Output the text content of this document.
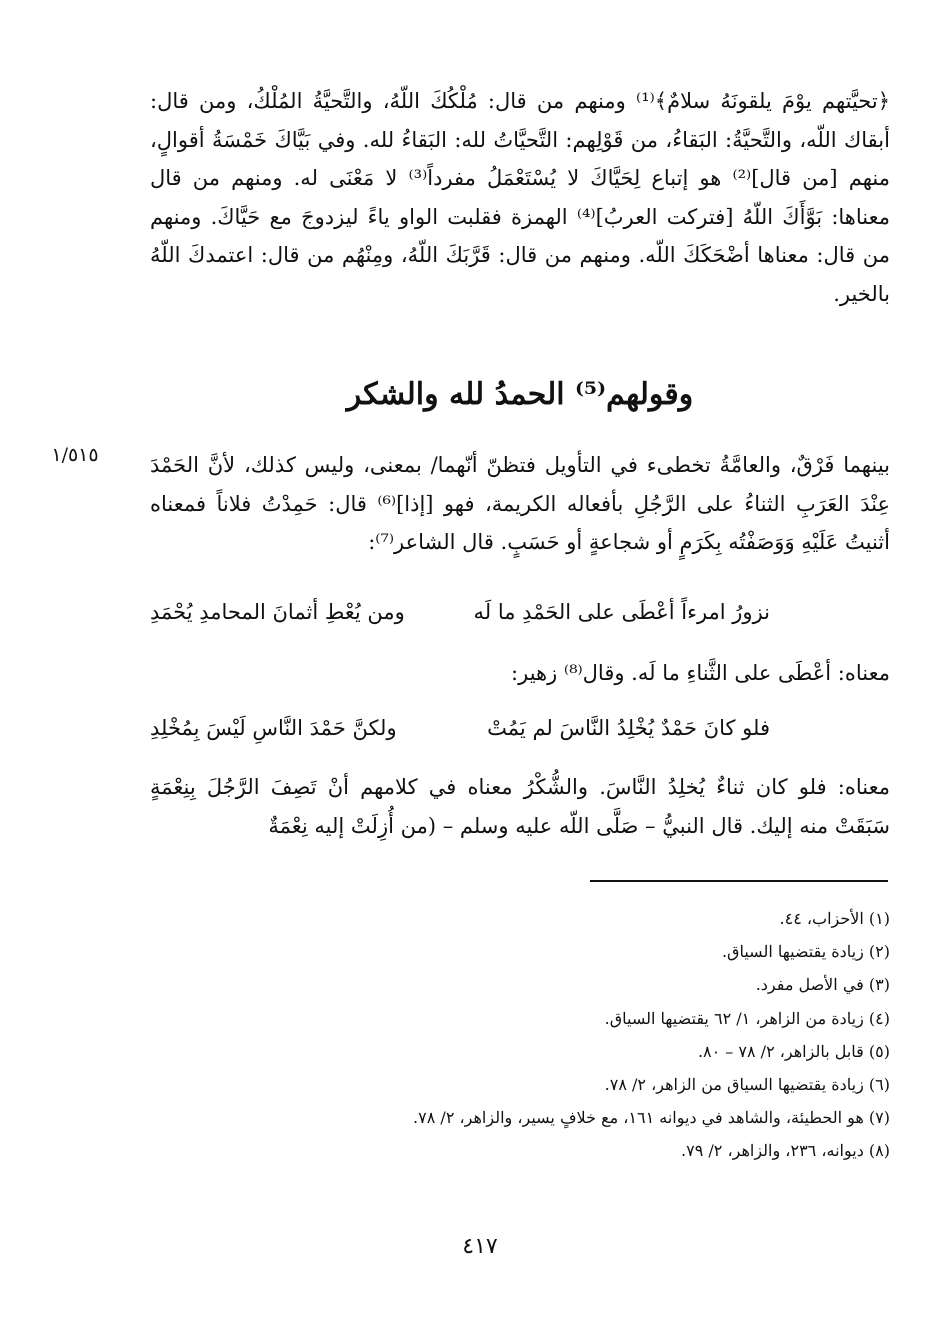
﴿تحيَّتهم يوْمَ يلقونَهُ سلامٌ﴾⁽¹⁾ ومنهم من قال: مُلْكُكَ اللّهُ، والتَّحيَّةُ المُلْكُ، ومن قال: أبقاك اللّه، والتَّحيَّةُ: البَقاءُ، من قَوْلِهم: التَّحيَّاتُ لله: البَقاءُ لله. وفي بَيَّاكَ خَمْسَةُ أقوالٍ، منهم [من قال]⁽²⁾ هو إتباع لِحَيَّاكَ لا يُسْتَعْمَلُ مفرداً⁽³⁾ لا مَعْنَى له. ومنهم من قال معناها: بَوَّأَكَ اللّهُ [فتركت العربُ]⁽⁴⁾ الهمزة فقلبت الواو ياءً ليزدوجَ مع حَيَّاكَ. ومنهم من قال: معناها أضْحَكَكَ اللّه. ومنهم من قال: قَرَّبَكَ اللّهُ، ومِنْهُم من قال: اعتمدكَ اللّهُ بالخير.

وقولهم⁽⁵⁾ الحمدُ لله والشكر
١/٥١٥	بينهما فَرْقٌ، والعامَّةُ تخطىء في التأويل فتظنّ أنّهما/ بمعنى، وليس كذلك، لأنَّ الحَمْدَ عِنْدَ العَرَبِ الثناءُ على الرَّجُلِ بأفعاله الكريمة، فهو [إذا]⁽⁶⁾ قال: حَمِدْتُ فلاناً فمعناه أثنيتُ عَلَيْهِ وَوَصَفْتُه بِكَرَمٍ أو شجاعةٍ أو حَسَبٍ. قال الشاعر⁽⁷⁾:

نزورُ امرءاً أعْطَى على الحَمْدِ ما لَه
ومن يُعْطِ أثمانَ المحامدِ يُحْمَدِ
معناه: أعْطَى على الثَّناءِ ما لَه. وقال⁽⁸⁾ زهير:
فلو كانَ حَمْدٌ يُخْلِدُ النَّاسَ لم يَمُتْ
ولكنَّ حَمْدَ النَّاسِ لَيْسَ بِمُخْلِدِ

معناه: فلو كان ثناءٌ يُخلِدُ النَّاسَ. والشُّكْرُ معناه في كلامهم أنْ تَصِفَ الرَّجُلَ بِنِعْمَةٍ سَبَقَتْ منه إليك. قال النبيُّ – صَلَّى اللّه عليه وسلم – (من أُزِلَتْ إليه نِعْمَةٌ

(١) الأحزاب، ٤٤.
(٢) زيادة يقتضيها السياق.
(٣) في الأصل مفرد.
(٤) زيادة من الزاهر، ١/ ٦٢ يقتضيها السياق.
(٥) قابل بالزاهر، ٢/ ٧٨ – ٨٠.
(٦) زيادة يقتضيها السياق من الزاهر، ٢/ ٧٨.
(٧) هو الحطيئة، والشاهد في ديوانه ١٦١، مع خلافٍ يسير، والزاهر، ٢/ ٧٨.
(٨) ديوانه، ٢٣٦، والزاهر، ٢/ ٧٩.
٤١٧
